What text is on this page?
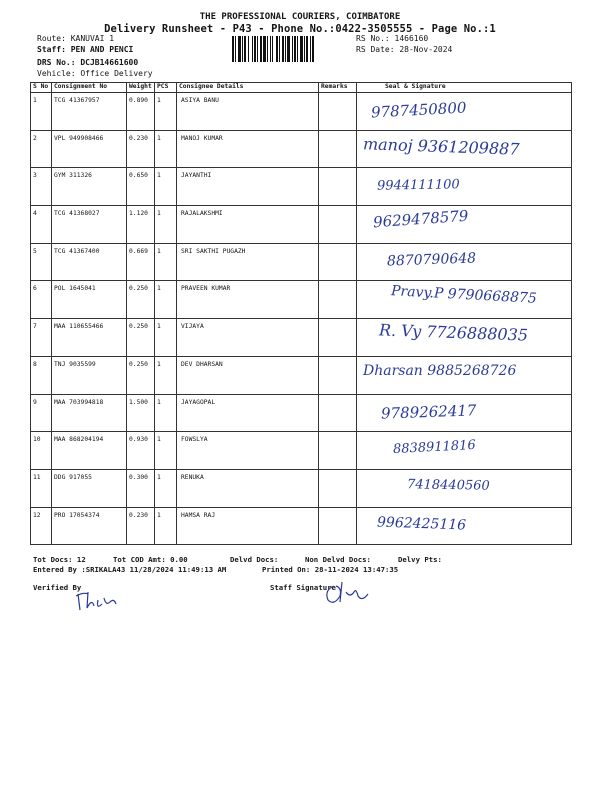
THE PROFESSIONAL COURIERS, COIMBATORE
Delivery Runsheet - P43 - Phone No.:0422-3505555 - Page No.:1
Route: KANUVAI 1
Staff: PEN AND PENCI
DRS No.: DCJB14661600
Vehicle: Office Delivery
RS No.: 1466160
RS Date: 28-Nov-2024
S No	Consignment No	Weight	PCS	Consignee Details	Remarks	Seal & Signature

1	TCG 41367957	0.890	1	ASIYA BANU		9787450800

2	VPL 949908466	0.230	1	MANOJ KUMAR		manoj 9361209887

3	GYM 311326	0.650	1	JAYANTHI		9944111100

4	TCG 41368027	1.120	1	RAJALAKSHMI		9629478579

5	TCG 41367400	0.669	1	SRI SAKTHI PUGAZH		8870790648

6	POL 1645041	0.250	1	PRAVEEN KUMAR		Pravy.P 9790668875

7	MAA 110655466	0.250	1	VIJAYA		R. Vy 7726888035

8	TNJ 9035599	0.250	1	DEV DHARSAN		Dharsan 9885268726

9	MAA 703994818	1.500	1	JAYAGOPAL		9789262417

10	MAA 868204194	0.930	1	FOWSLYA		8838911816

11	DDG 917055	0.300	1	RENUKA		7418440560

12	PRO 17054374	0.230	1	HAMSA RAJ		9962425116
Tot Docs: 12	Tot COD Amt: 0.00	Delvd Docs:	Non Delvd Docs:	Delvy Pts:
Entered By :SRIKALA43 11/28/2024 11:49:13 AM	Printed On: 28-11-2024 13:47:35
Verified By	Staff Signature
